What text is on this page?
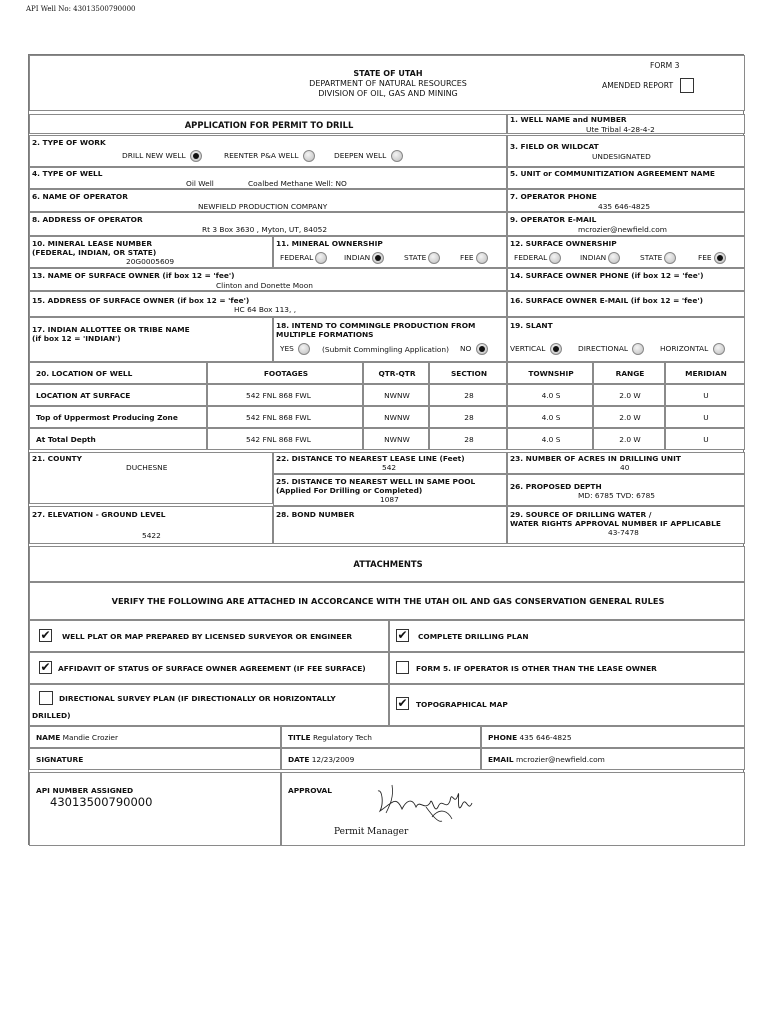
API Well No: 43013500790000
STATE OF UTAH
DEPARTMENT OF NATURAL RESOURCES
DIVISION OF OIL, GAS AND MINING
FORM 3
AMENDED REPORT
APPLICATION FOR PERMIT TO DRILL
1. WELL NAME and NUMBER
Ute Tribal 4-28-4-2
2. TYPE OF WORK
DRILL NEW WELL	REENTER P&A WELL	DEEPEN WELL
3. FIELD OR WILDCAT
UNDESIGNATED
4. TYPE OF WELL
Oil Well	Coalbed Methane Well: NO
5. UNIT or COMMUNITIZATION AGREEMENT NAME
6. NAME OF OPERATOR
NEWFIELD PRODUCTION COMPANY
7. OPERATOR PHONE
435 646-4825
8. ADDRESS OF OPERATOR
Rt 3 Box 3630 , Myton, UT, 84052
9. OPERATOR E-MAIL
mcrozier@newfield.com
10. MINERAL LEASE NUMBER
(FEDERAL, INDIAN, OR STATE)
20G0005609
11. MINERAL OWNERSHIP
FEDERAL	INDIAN	STATE	FEE
12. SURFACE OWNERSHIP
FEDERAL	INDIAN	STATE	FEE
13. NAME OF SURFACE OWNER (if box 12 = 'fee')
Clinton and Donette Moon
14. SURFACE OWNER PHONE (if box 12 = 'fee')
15. ADDRESS OF SURFACE OWNER (if box 12 = 'fee')
HC 64 Box 113, ,
16. SURFACE OWNER E-MAIL (if box 12 = 'fee')
17. INDIAN ALLOTTEE OR TRIBE NAME
(if box 12 = 'INDIAN')
18. INTEND TO COMMINGLE PRODUCTION FROM
MULTIPLE FORMATIONS
YES	(Submit Commingling Application) NO
19. SLANT
VERTICAL	DIRECTIONAL	HORIZONTAL
20. LOCATION OF WELL	FOOTAGES	QTR-QTR	SECTION	TOWNSHIP	RANGE	MERIDIAN
LOCATION AT SURFACE	542 FNL 868 FWL	NWNW	28	4.0 S	2.0 W	U
Top of Uppermost Producing Zone	542 FNL 868 FWL	NWNW	28	4.0 S	2.0 W	U
At Total Depth	542 FNL 868 FWL	NWNW	28	4.0 S	2.0 W	U
21. COUNTY
DUCHESNE
22. DISTANCE TO NEAREST LEASE LINE (Feet)
542
23. NUMBER OF ACRES IN DRILLING UNIT
40
25. DISTANCE TO NEAREST WELL IN SAME POOL
(Applied For Drilling or Completed)
1087
26. PROPOSED DEPTH
MD: 6785 TVD: 6785
27. ELEVATION - GROUND LEVEL
5422
28. BOND NUMBER	29. SOURCE OF DRILLING WATER /
WATER RIGHTS APPROVAL NUMBER IF APPLICABLE
43-7478
ATTACHMENTS
VERIFY THE FOLLOWING ARE ATTACHED IN ACCORCANCE WITH THE UTAH OIL AND GAS CONSERVATION GENERAL RULES
✔ WELL PLAT OR MAP PREPARED BY LICENSED SURVEYOR OR ENGINEER	✔ COMPLETE DRILLING PLAN
✔ AFFIDAVIT OF STATUS OF SURFACE OWNER AGREEMENT (IF FEE SURFACE)	FORM 5. IF OPERATOR IS OTHER THAN THE LEASE OWNER
DIRECTIONAL SURVEY PLAN (IF DIRECTIONALLY OR HORIZONTALLY
DRILLED)
✔ TOPOGRAPHICAL MAP
NAME Mandie Crozier	TITLE Regulatory Tech	PHONE 435 646-4825
SIGNATURE	DATE 12/23/2009	EMAIL mcrozier@newfield.com
API NUMBER ASSIGNED
43013500790000
APPROVAL
Permit Manager
